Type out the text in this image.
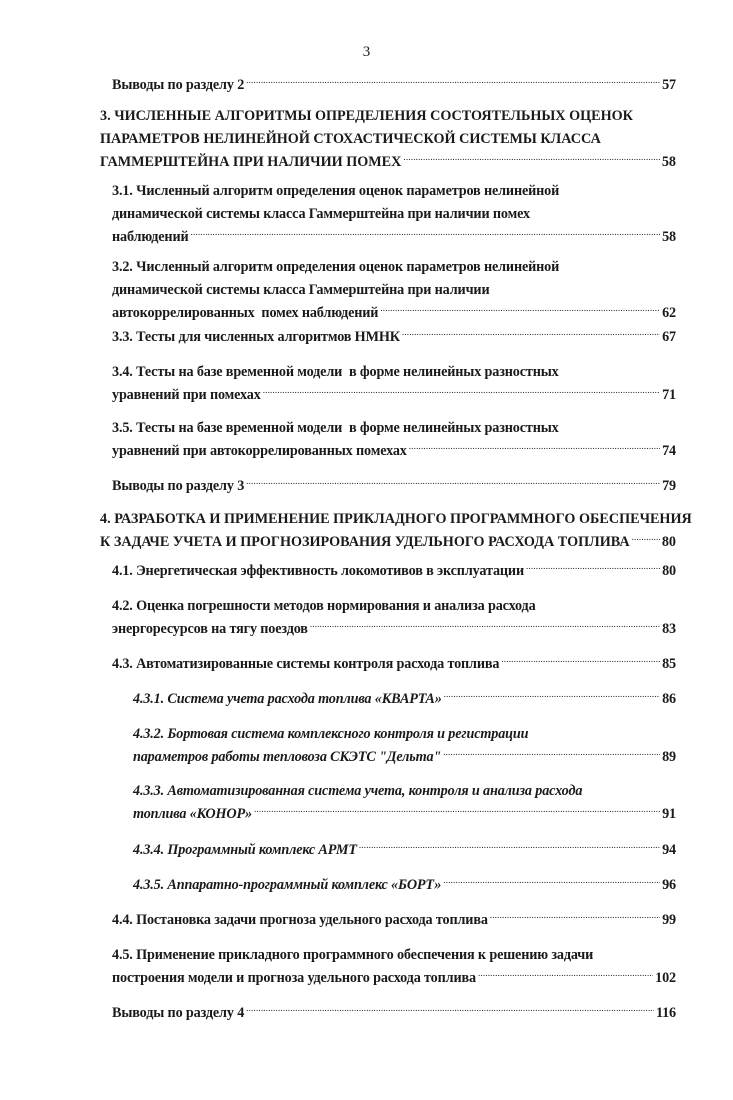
3
Выводы по разделу 2 .....	57
3. ЧИСЛЕННЫЕ АЛГОРИТМЫ ОПРЕДЕЛЕНИЯ СОСТОЯТЕЛЬНЫХ ОЦЕНОК
ПАРАМЕТРОВ НЕЛИНЕЙНОЙ СТОХАСТИЧЕСКОЙ СИСТЕМЫ КЛАССА
ГАММЕРШТЕЙНА ПРИ НАЛИЧИИ ПОМЕХ .....	58
3.1. Численный алгоритм определения оценок параметров нелинейной
динамической системы класса Гаммерштейна при наличии помех
наблюдений .....	58
3.2. Численный алгоритм определения оценок параметров нелинейной
динамической системы класса Гаммерштейна при наличии
автокоррелированных  помех наблюдений .....	62
3.3. Тесты для численных алгоритмов НМНК .....	67
3.4. Тесты на базе временной модели  в форме нелинейных разностных
уравнений при помехах .....	71
3.5. Тесты на базе временной модели  в форме нелинейных разностных
уравнений при автокоррелированных помехах .....	74
Выводы по разделу 3 .....	79
4. РАЗРАБОТКА И ПРИМЕНЕНИЕ ПРИКЛАДНОГО ПРОГРАММНОГО ОБЕСПЕЧЕНИЯ
К ЗАДАЧЕ УЧЕТА И ПРОГНОЗИРОВАНИЯ УДЕЛЬНОГО РАСХОДА ТОПЛИВА ..... 80
4.1. Энергетическая эффективность локомотивов в эксплуатации .....	80
4.2. Оценка погрешности методов нормирования и анализа расхода
энергоресурсов на тягу поездов .....	83
4.3. Автоматизированные системы контроля расхода топлива .....	85
4.3.1. Система учета расхода топлива «КВАРТА» .....	86
4.3.2. Бортовая система комплексного контроля и регистрации
параметров работы тепловоза СКЭТС "Дельта" .....	89
4.3.3. Автоматизированная система учета, контроля и анализа расхода
топлива «КОНОР» .....	91
4.3.4. Программный комплекс АРМТ .....	94
4.3.5. Аппаратно-программный комплекс «БОРТ» .....	96
4.4. Постановка задачи прогноза удельного расхода топлива .....	99
4.5. Применение прикладного программного обеспечения к решению задачи
построения модели и прогноза удельного расхода топлива .....	102
Выводы по разделу 4 .....	116
